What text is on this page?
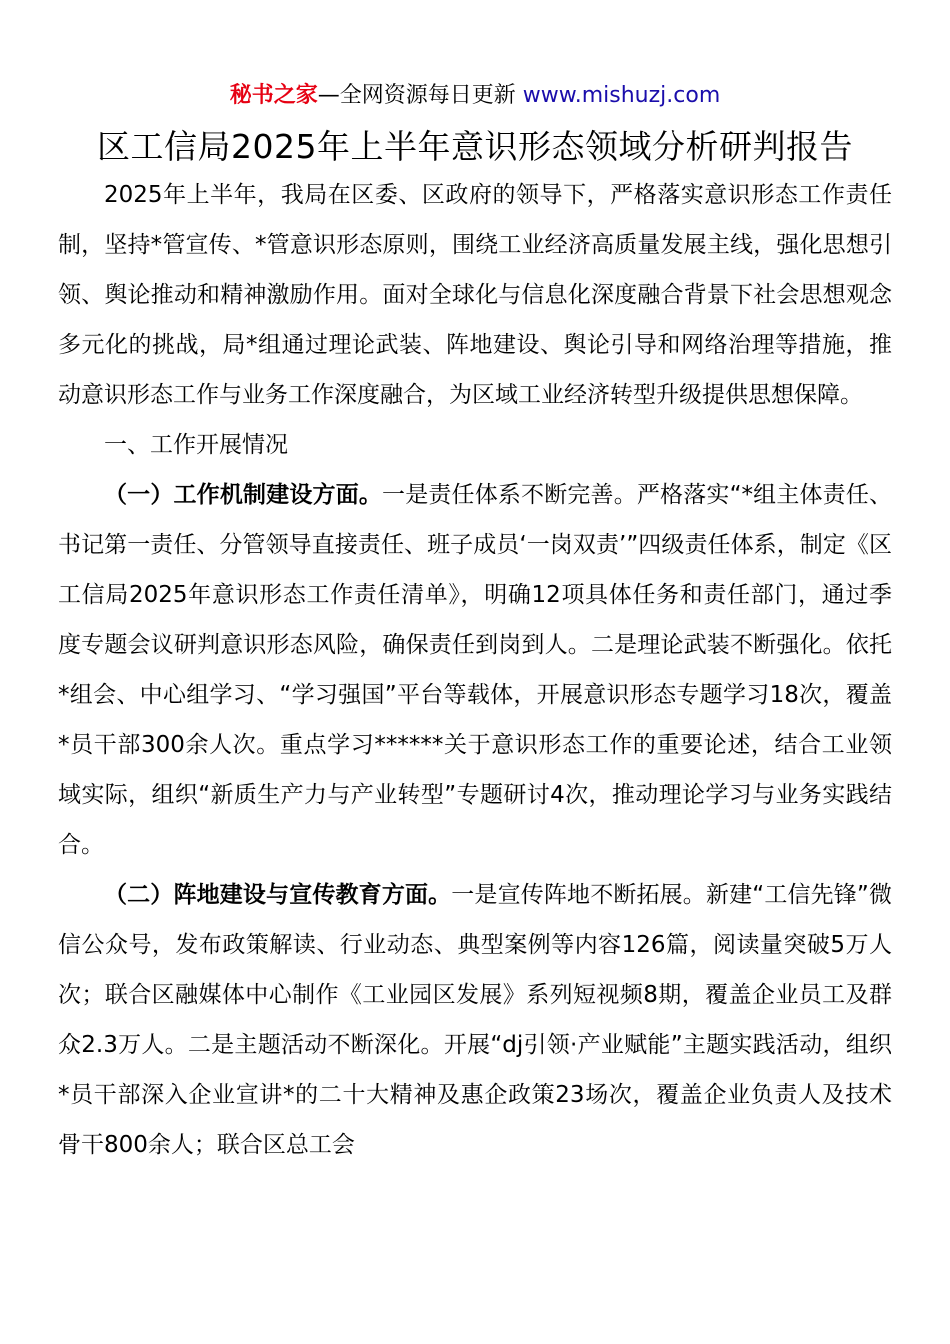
秘书之家—全网资源每日更新 www.mishuzj.com
区工信局2025年上半年意识形态领域分析研判报告

2025年上半年，我局在区委、区政府的领导下，严格落实意识形态工作责任制，坚持*管宣传、*管意识形态原则，围绕工业经济高质量发展主线，强化思想引领、舆论推动和精神激励作用。面对全球化与信息化深度融合背景下社会思想观念多元化的挑战，局*组通过理论武装、阵地建设、舆论引导和网络治理等措施，推动意识形态工作与业务工作深度融合，为区域工业经济转型升级提供思想保障。

一、工作开展情况

（一）工作机制建设方面。一是责任体系不断完善。严格落实“*组主体责任、书记第一责任、分管领导直接责任、班子成员‘一岗双责’”四级责任体系，制定《区工信局2025年意识形态工作责任清单》，明确12项具体任务和责任部门，通过季度专题会议研判意识形态风险，确保责任到岗到人。二是理论武装不断强化。依托*组会、中心组学习、“学习强国”平台等载体，开展意识形态专题学习18次，覆盖*员干部300余人次。重点学习******关于意识形态工作的重要论述，结合工业领域实际，组织“新质生产力与产业转型”专题研讨4次，推动理论学习与业务实践结合。

（二）阵地建设与宣传教育方面。一是宣传阵地不断拓展。新建“工信先锋”微信公众号，发布政策解读、行业动态、典型案例等内容126篇，阅读量突破5万人次；联合区融媒体中心制作《工业园区发展》系列短视频8期，覆盖企业员工及群众2.3万人。二是主题活动不断深化。开展“dj引领·产业赋能”主题实践活动，组织*员干部深入企业宣讲*的二十大精神及惠企政策23场次，覆盖企业负责人及技术骨干800余人；联合区总工会
